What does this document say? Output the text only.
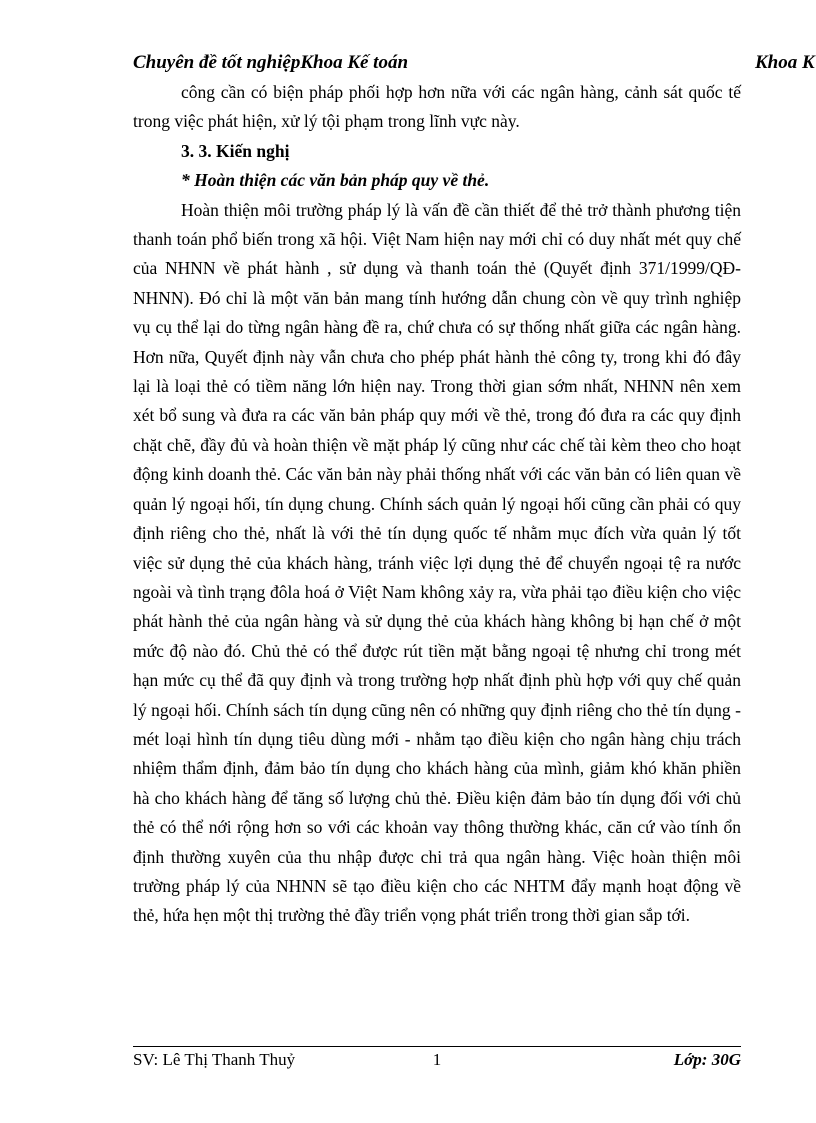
Chuyên đề tốt nghiệpKhoa Kế toán	Khoa K

công cần có biện pháp phối hợp hơn nữa với các ngân hàng, cảnh sát quốc tế trong việc phát hiện, xử lý tội phạm trong lĩnh vực này.

3. 3. Kiến nghị

* Hoàn thiện các văn bản pháp quy về thẻ.

Hoàn thiện môi trường pháp lý là vấn đề cần thiết để thẻ trở thành phương tiện thanh toán phổ biến trong xã hội. Việt Nam hiện nay mới chỉ có duy nhất mét quy chế của NHNN về phát hành , sử dụng và thanh toán thẻ (Quyết định 371/1999/QĐ-NHNN). Đó chỉ là một văn bản mang tính hướng dẫn chung còn về quy trình nghiệp vụ cụ thể lại do từng ngân hàng đề ra, chứ chưa có sự thống nhất giữa các ngân hàng. Hơn nữa, Quyết định này vẫn chưa cho phép phát hành thẻ công ty, trong khi đó đây lại là loại thẻ có tiềm năng lớn hiện nay. Trong thời gian sớm nhất, NHNN nên xem xét bổ sung và đưa ra các văn bản pháp quy mới về thẻ, trong đó đưa ra các quy định chặt chẽ, đầy đủ và hoàn thiện về mặt pháp lý cũng như các chế tài kèm theo cho hoạt động kinh doanh thẻ. Các văn bản này phải thống nhất với các văn bản có liên quan về quản lý ngoại hối, tín dụng chung. Chính sách quản lý ngoại hối cũng cần phải có quy định riêng cho thẻ, nhất là với thẻ tín dụng quốc tế nhằm mục đích vừa quản lý tốt việc sử dụng thẻ của khách hàng, tránh việc lợi dụng thẻ để chuyển ngoại tệ ra nước ngoài và tình trạng đôla hoá ở Việt Nam không xảy ra, vừa phải tạo điều kiện cho việc phát hành thẻ của ngân hàng và sử dụng thẻ của khách hàng không bị hạn chế ở một mức độ nào đó. Chủ thẻ có thể được rút tiền mặt bằng ngoại tệ nhưng chỉ trong mét hạn mức cụ thể đã quy định và trong trường hợp nhất định phù hợp với quy chế quản lý ngoại hối. Chính sách tín dụng cũng nên có những quy định riêng cho thẻ tín dụng - mét loại hình tín dụng tiêu dùng mới - nhằm tạo điều kiện cho ngân hàng chịu trách nhiệm thẩm định, đảm bảo tín dụng cho khách hàng của mình, giảm khó khăn phiền hà cho khách hàng để tăng số lượng chủ thẻ. Điều kiện đảm bảo tín dụng đối với chủ thẻ có thể nới rộng hơn so với các khoản vay thông thường khác, căn cứ vào tính ổn định thường xuyên của thu nhập được chi trả qua ngân hàng. Việc hoàn thiện môi trường pháp lý của NHNN sẽ tạo điều kiện cho các NHTM đẩy mạnh hoạt động về thẻ, hứa hẹn một thị trường thẻ đầy triển vọng phát triển trong thời gian sắp tới.

SV: Lê Thị Thanh Thuỷ	1	Lớp: 30G
